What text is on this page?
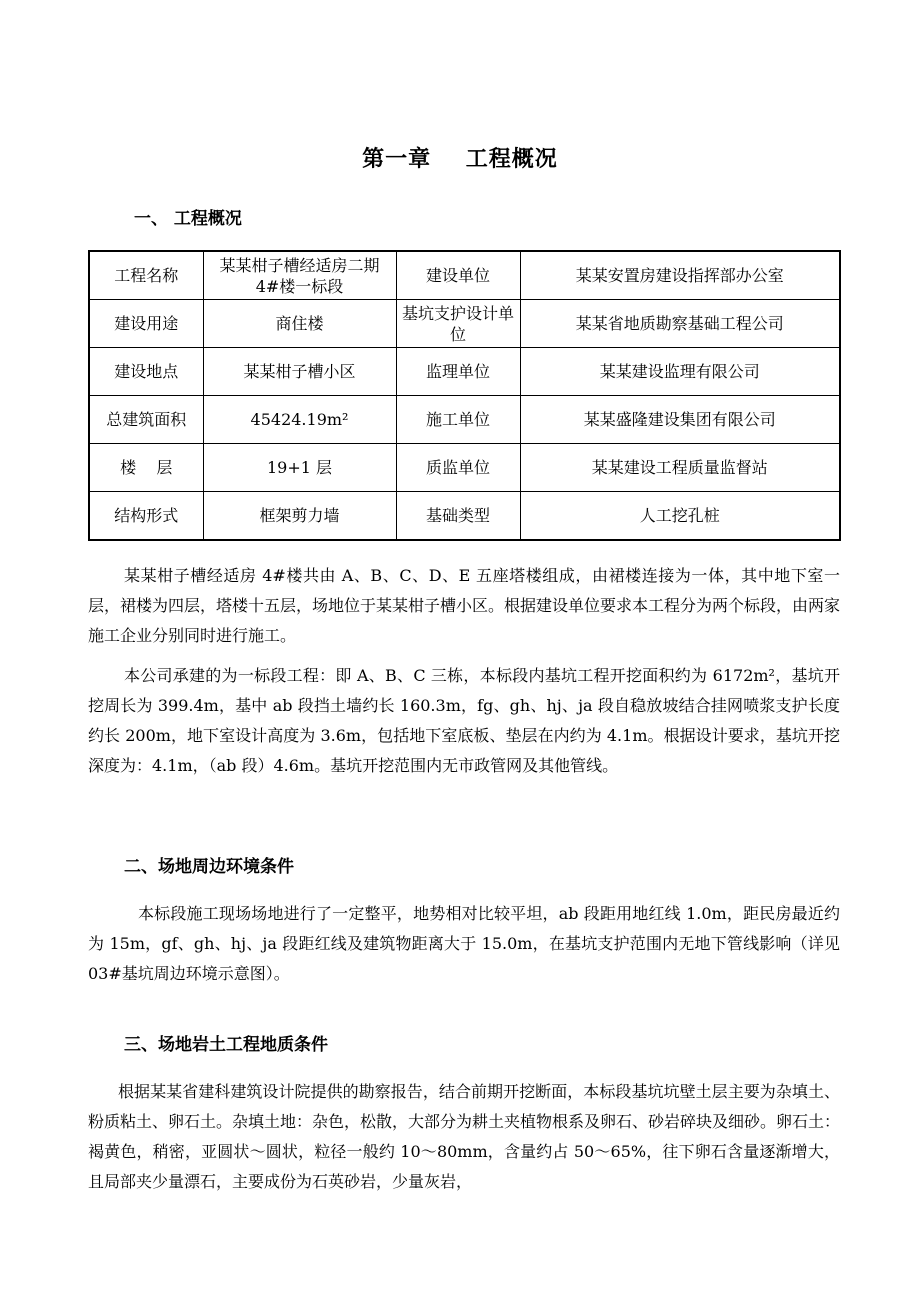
第一章    工程概况
一、 工程概况
工程名称	某某柑子槽经适房二期 4#楼一标段	建设单位	某某安置房建设指挥部办公室
建设用途	商住楼	基坑支护设计单位	某某省地质勘察基础工程公司
建设地点	某某柑子槽小区	监理单位	某某建设监理有限公司
总建筑面积	45424.19m²	施工单位	某某盛隆建设集团有限公司
楼    层	19+1 层	质监单位	某某建设工程质量监督站
结构形式	框架剪力墙	基础类型	人工挖孔桩
某某柑子槽经适房 4#楼共由 A、B、C、D、E 五座塔楼组成，由裙楼连接为一体，其中地下室一层，裙楼为四层，塔楼十五层，场地位于某某柑子槽小区。根据建设单位要求本工程分为两个标段，由两家施工企业分别同时进行施工。
本公司承建的为一标段工程：即 A、B、C 三栋，本标段内基坑工程开挖面积约为 6172m²，基坑开挖周长为 399.4m，基中 ab 段挡土墙约长 160.3m，fg、gh、hj、ja 段自稳放坡结合挂网喷浆支护长度约长 200m，地下室设计高度为 3.6m，包括地下室底板、垫层在内约为 4.1m。根据设计要求，基坑开挖深度为：4.1m，（ab 段）4.6m。基坑开挖范围内无市政管网及其他管线。
二、场地周边环境条件
本标段施工现场场地进行了一定整平，地势相对比较平坦，ab 段距用地红线 1.0m，距民房最近约为 15m，gf、gh、hj、ja 段距红线及建筑物距离大于 15.0m，在基坑支护范围内无地下管线影响（详见 03#基坑周边环境示意图）。
三、场地岩土工程地质条件
根据某某省建科建筑设计院提供的勘察报告，结合前期开挖断面，本标段基坑坑壁土层主要为杂填土、粉质粘土、卵石土。杂填土地：杂色，松散，大部分为耕土夹植物根系及卵石、砂岩碎块及细砂。卵石土：褐黄色，稍密，亚圆状～圆状，粒径一般约 10～80mm，含量约占 50～65%，往下卵石含量逐渐增大，且局部夹少量漂石，主要成份为石英砂岩，少量灰岩，
